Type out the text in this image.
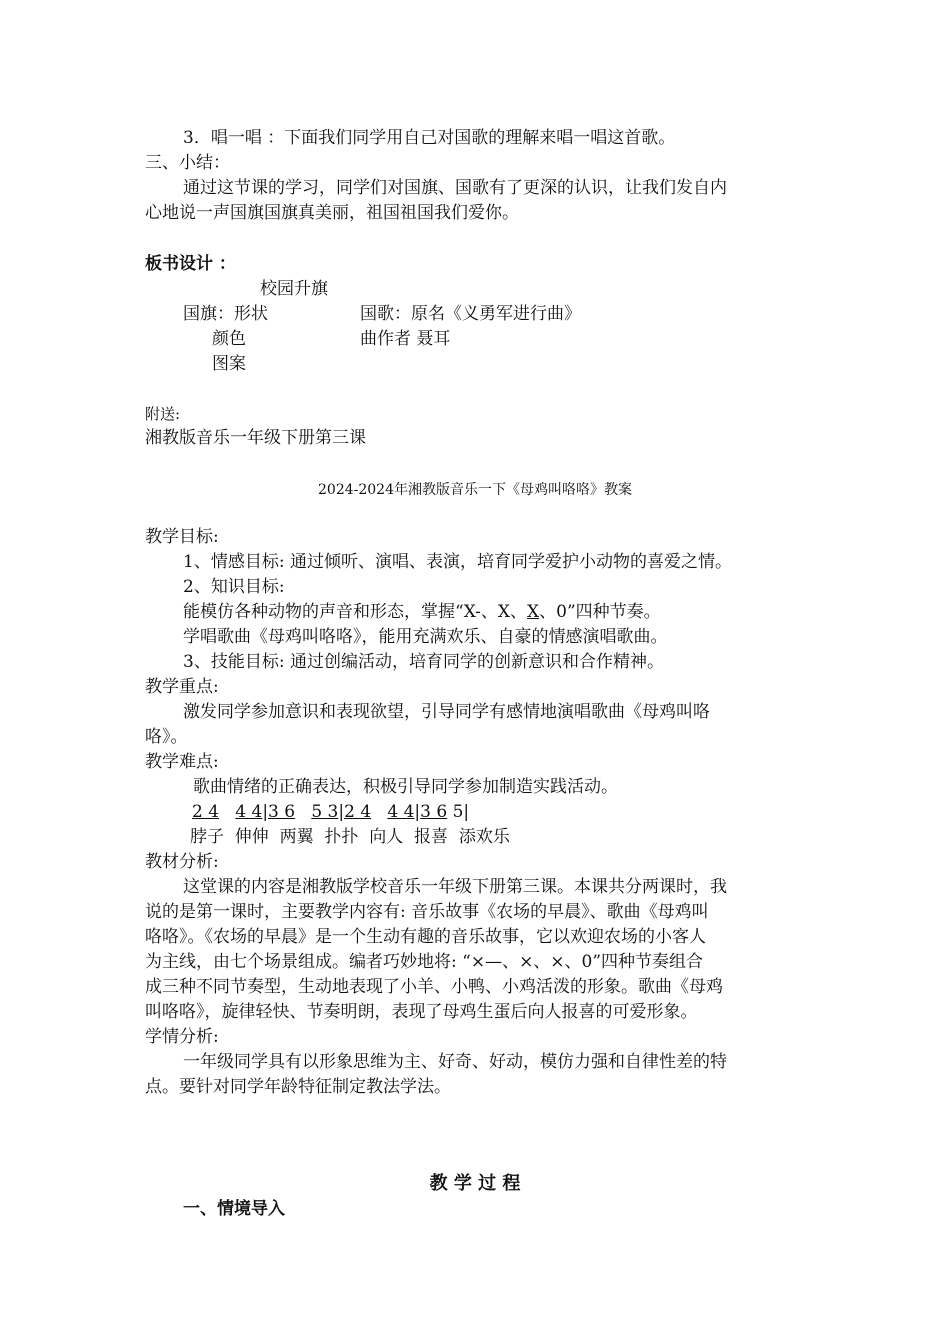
3．唱一唱 ：下面我们同学用自己对国歌的理解来唱一唱这首歌。
三、小结：
通过这节课的学习，同学们对国旗、国歌有了更深的认识，让我们发自内
心地说一声国旗国旗真美丽，祖国祖国我们爱你。
板书设计 ：
校园升旗
国旗：形状	国歌：原名《义勇军进行曲》
颜色	曲作者 聂耳
图案
附送:
湘教版音乐一年级下册第三课
2024-2024年湘教版音乐一下《母鸡叫咯咯》教案
教学目标:
1、情感目标: 通过倾听、演唱、表演，培育同学爱护小动物的喜爱之情。
2、知识目标:
能模仿各种动物的声音和形态，掌握“X-、X、X、0”四种节奏。
学唱歌曲《母鸡叫咯咯》，能用充满欢乐、自豪的情感演唱歌曲。
3、技能目标: 通过创编活动，培育同学的创新意识和合作精神。
教学重点:
激发同学参加意识和表现欲望，引导同学有感情地演唱歌曲《母鸡叫咯
咯》。
教学难点:
歌曲情绪的正确表达，积极引导同学参加制造实践活动。
2 4 4 4|3 6 5 3|2 4 4 4|3 6 5|
脖子  伸伸  两翼  扑扑  向人  报喜  添欢乐
教材分析:
这堂课的内容是湘教版学校音乐一年级下册第三课。本课共分两课时，我
说的是第一课时，主要教学内容有: 音乐故事《农场的早晨》、歌曲《母鸡叫
咯咯》。《农场的早晨》是一个生动有趣的音乐故事，它以欢迎农场的小客人
为主线，由七个场景组成。编者巧妙地将: “×—、×、×、0”四种节奏组合
成三种不同节奏型，生动地表现了小羊、小鸭、小鸡活泼的形象。歌曲《母鸡
叫咯咯》，旋律轻快、节奏明朗，表现了母鸡生蛋后向人报喜的可爱形象。
学情分析:
一年级同学具有以形象思维为主、好奇、好动，模仿力强和自律性差的特
点。要针对同学年龄特征制定教法学法。
教 学 过 程
一、情境导入
